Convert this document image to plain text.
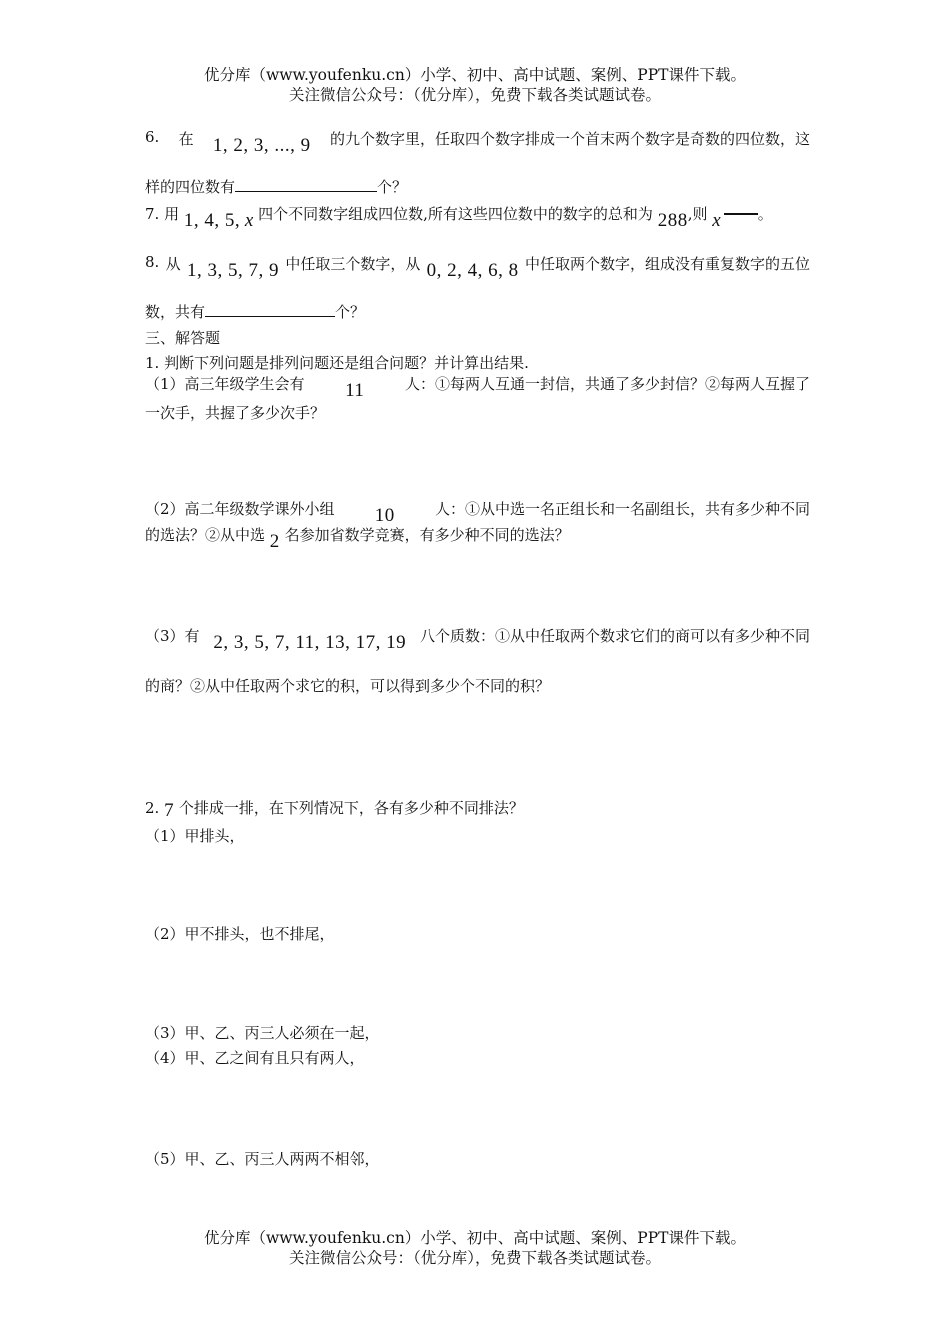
优分库（www.youfenku.cn）小学、初中、高中试题、案例、PPT课件下载。
关注微信公众号：（优分库），免费下载各类试题试卷。
6. 在 1, 2, 3, ..., 9 的九个数字里，任取四个数字排成一个首末两个数字是奇数的四位数，这
样的四位数有	个？
7. 用 1, 4, 5, x 四个不同数字组成四位数,所有这些四位数中的数字的总和为 288,则 x 。
8. 从 1, 3, 5, 7, 9 中任取三个数字，从 0, 2, 4, 6, 8 中任取两个数字，组成没有重复数字的五位
数，共有	个？
三、解答题
1. 判断下列问题是排列问题还是组合问题？并计算出结果.
（1）高三年级学生会有 11	人：①每两人互通一封信，共通了多少封信？②每两人互握了
一次手，共握了多少次手？
（2）高二年级数学课外小组 10	人：①从中选一名正组长和一名副组长，共有多少种不同
的选法？②从中选 2 名参加省数学竞赛，有多少种不同的选法？
（3）有 2, 3, 5, 7, 11, 13, 17, 19 八个质数：①从中任取两个数求它们的商可以有多少种不同
的商？②从中任取两个求它的积，可以得到多少个不同的积？
2. 7 个排成一排，在下列情况下，各有多少种不同排法？
（1）甲排头，
（2）甲不排头，也不排尾，
（3）甲、乙、丙三人必须在一起，
（4）甲、乙之间有且只有两人，
（5）甲、乙、丙三人两两不相邻，
优分库（www.youfenku.cn）小学、初中、高中试题、案例、PPT课件下载。
关注微信公众号：（优分库），免费下载各类试题试卷。
